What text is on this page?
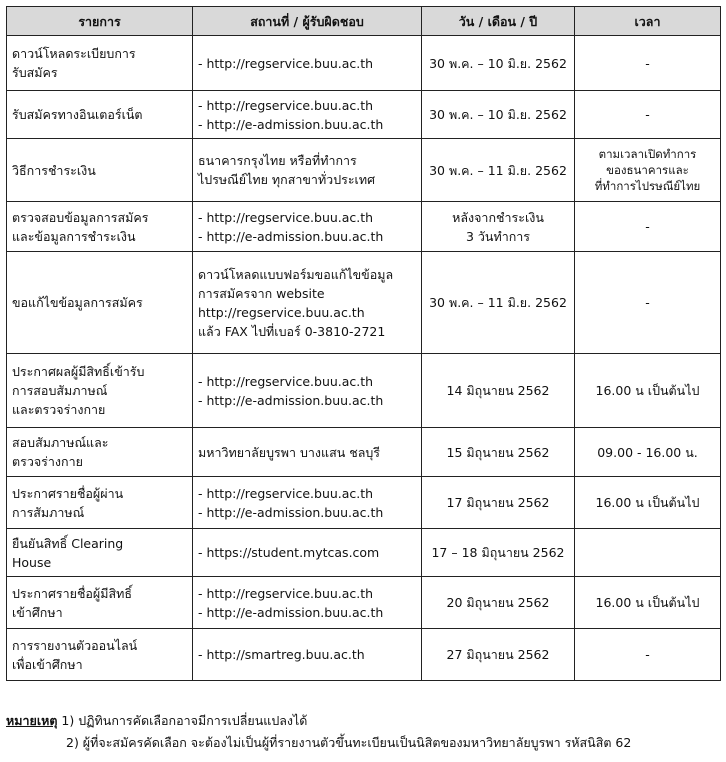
รายการ	สถานที่ / ผู้รับผิดชอบ	วัน / เดือน / ปี	เวลา

ดาวน์โหลดระเบียบการ
รับสมัคร	- http://regservice.buu.ac.th	30 พ.ค. – 10 มิ.ย. 2562	-

รับสมัครทางอินเตอร์เน็ต	- http://regservice.buu.ac.th
- http://e-admission.buu.ac.th	30 พ.ค. – 10 มิ.ย. 2562	-

วิธีการชำระเงิน	ธนาคารกรุงไทย หรือที่ทำการ
ไปรษณีย์ไทย ทุกสาขาทั่วประเทศ	30 พ.ค. – 11 มิ.ย. 2562	ตามเวลาเปิดทำการ
ของธนาคารและ
ที่ทำการไปรษณีย์ไทย

ตรวจสอบข้อมูลการสมัคร
และข้อมูลการชำระเงิน	- http://regservice.buu.ac.th
- http://e-admission.buu.ac.th	หลังจากชำระเงิน
3 วันทำการ	-

ขอแก้ไขข้อมูลการสมัคร	ดาวน์โหลดแบบฟอร์มขอแก้ไขข้อมูล
การสมัครจาก website
http://regservice.buu.ac.th
แล้ว FAX ไปที่เบอร์ 0-3810-2721	30 พ.ค. – 11 มิ.ย. 2562	-

ประกาศผลผู้มีสิทธิ์เข้ารับ
การสอบสัมภาษณ์
และตรวจร่างกาย	- http://regservice.buu.ac.th
- http://e-admission.buu.ac.th	14 มิถุนายน 2562	16.00 น เป็นต้นไป

สอบสัมภาษณ์และ
ตรวจร่างกาย	มหาวิทยาลัยบูรพา บางแสน ชลบุรี	15 มิถุนายน 2562	09.00 - 16.00 น.

ประกาศรายชื่อผู้ผ่าน
การสัมภาษณ์	- http://regservice.buu.ac.th
- http://e-admission.buu.ac.th	17 มิถุนายน 2562	16.00 น เป็นต้นไป

ยืนยันสิทธิ์ Clearing
House	- https://student.mytcas.com	17 – 18 มิถุนายน 2562	

ประกาศรายชื่อผู้มีสิทธิ์
เข้าศึกษา	- http://regservice.buu.ac.th
- http://e-admission.buu.ac.th	20 มิถุนายน 2562	16.00 น เป็นต้นไป

การรายงานตัวออนไลน์
เพื่อเข้าศึกษา	- http://smartreg.buu.ac.th	27 มิถุนายน 2562	-
หมายเหตุ 1) ปฏิทินการคัดเลือกอาจมีการเปลี่ยนแปลงได้
2) ผู้ที่จะสมัครคัดเลือก จะต้องไม่เป็นผู้ที่รายงานตัวขึ้นทะเบียนเป็นนิสิตของมหาวิทยาลัยบูรพา รหัสนิสิต 62
